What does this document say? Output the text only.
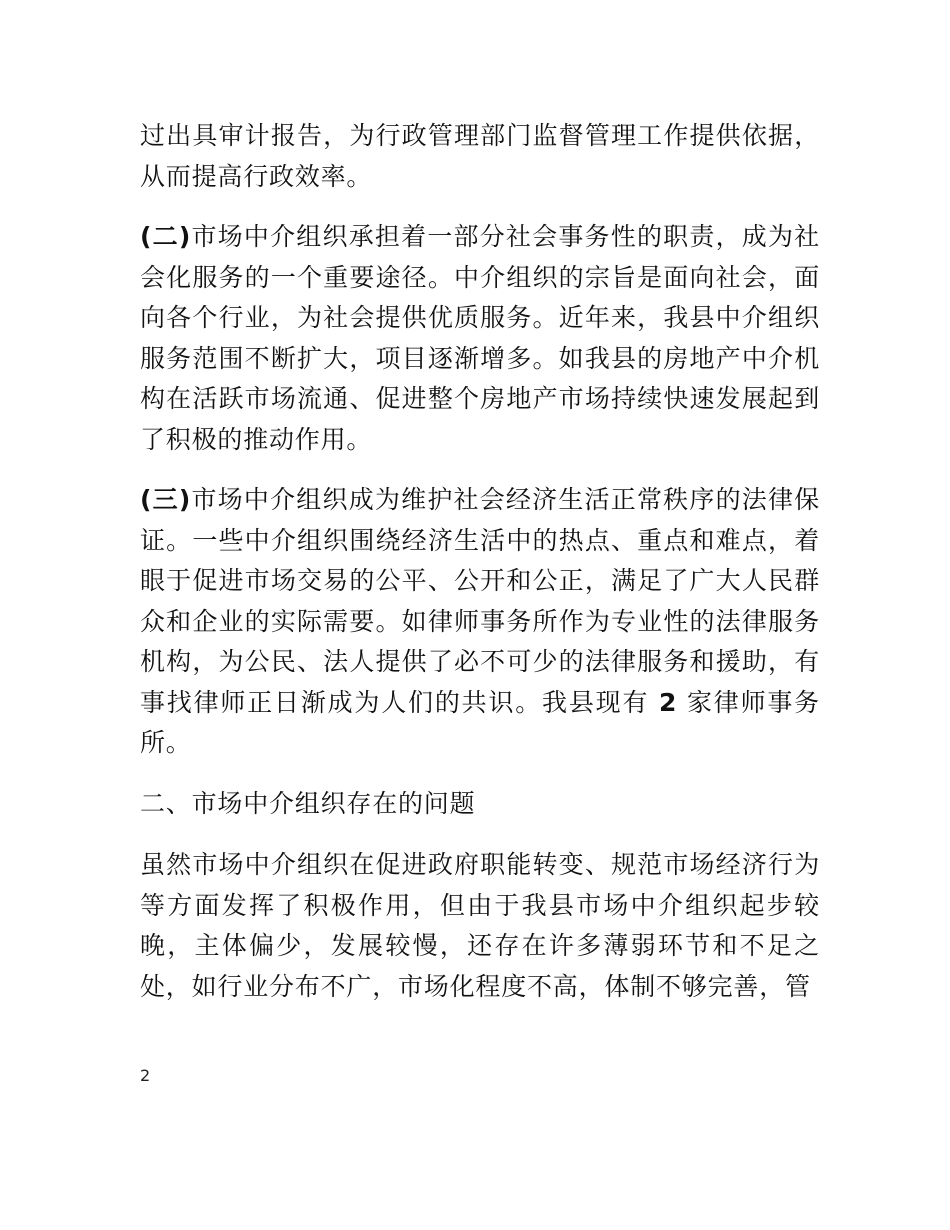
过出具审计报告，为行政管理部门监督管理工作提供依据，从而提高行政效率。

(二)市场中介组织承担着一部分社会事务性的职责，成为社会化服务的一个重要途径。中介组织的宗旨是面向社会，面向各个行业，为社会提供优质服务。近年来，我县中介组织服务范围不断扩大，项目逐渐增多。如我县的房地产中介机构在活跃市场流通、促进整个房地产市场持续快速发展起到了积极的推动作用。

(三)市场中介组织成为维护社会经济生活正常秩序的法律保证。一些中介组织围绕经济生活中的热点、重点和难点，着眼于促进市场交易的公平、公开和公正，满足了广大人民群众和企业的实际需要。如律师事务所作为专业性的法律服务机构，为公民、法人提供了必不可少的法律服务和援助，有事找律师正日渐成为人们的共识。我县现有 2 家律师事务所。

二、市场中介组织存在的问题

虽然市场中介组织在促进政府职能转变、规范市场经济行为等方面发挥了积极作用，但由于我县市场中介组织起步较晚，主体偏少，发展较慢，还存在许多薄弱环节和不足之处，如行业分布不广，市场化程度不高，体制不够完善，管

2
